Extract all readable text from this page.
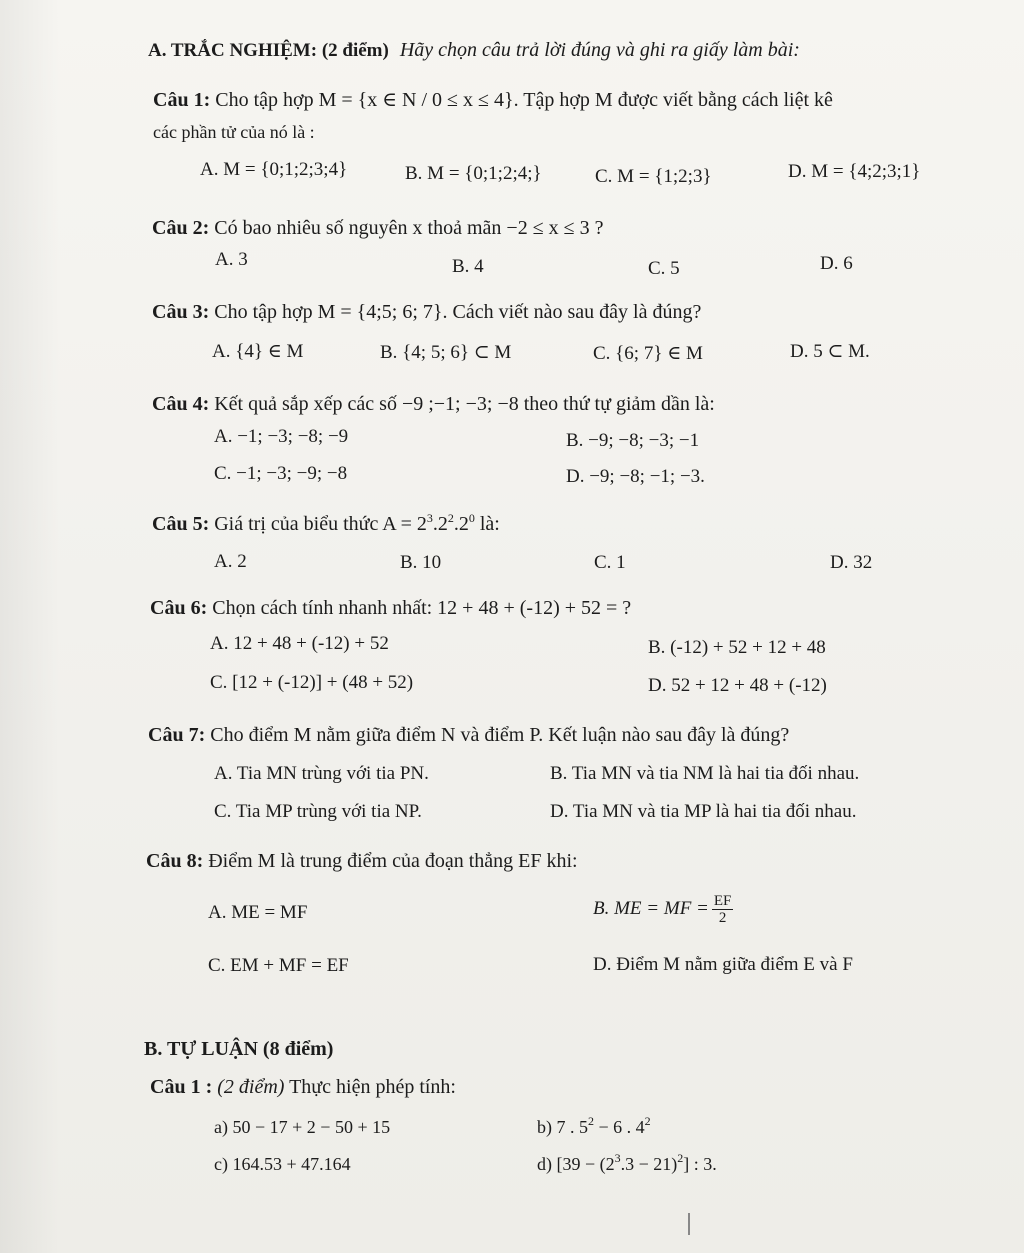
A. TRẮC NGHIỆM: (2 điểm) Hãy chọn câu trả lời đúng và ghi ra giấy làm bài:
Câu 1: Cho tập hợp M = {x ∈ N / 0 ≤ x ≤ 4}. Tập hợp M được viết bằng cách liệt kê
các phần tử của nó là :
A. M = {0;1;2;3;4}	B. M = {0;1;2;4;}	C. M = {1;2;3}	D. M = {4;2;3;1}
Câu 2: Có bao nhiêu số nguyên x thoả mãn −2 ≤ x ≤ 3 ?
A. 3	B. 4	C. 5	D. 6
Câu 3: Cho tập hợp M = {4;5; 6; 7}. Cách viết nào sau đây là đúng?
A. {4} ∈ M	B. {4; 5; 6} ⊂ M	C. {6; 7} ∈ M	D. 5 ⊂ M.
Câu 4: Kết quả sắp xếp các số −9 ;−1; −3; −8 theo thứ tự giảm dần là:
A. −1; −3; −8; −9	B. −9; −8; −3; −1
C. −1; −3; −9; −8	D. −9; −8; −1; −3.
Câu 5: Giá trị của biểu thức $A = 2^3.2^2.2^0$ là:
A. 2	B. 10	C. 1	D. 32
Câu 6: Chọn cách tính nhanh nhất: 12 + 48 + (-12) + 52 = ?
A. 12 + 48 + (-12) + 52	B. (-12) + 52 + 12 + 48
C. [12 + (-12)] + (48 + 52)	D. 52 + 12 + 48 + (-12)
Câu 7: Cho điểm M nằm giữa điểm N và điểm P. Kết luận nào sau đây là đúng?
A. Tia MN trùng với tia PN.	B. Tia MN và tia NM là hai tia đối nhau.
C. Tia MP trùng với tia NP.	D. Tia MN và tia MP là hai tia đối nhau.
Câu 8: Điểm M là trung điểm của đoạn thẳng EF khi:
A. ME = MF	B. ME = MF = $\frac{EF}{2}$
C. EM + MF = EF	D. Điểm M nằm giữa điểm E và F
B. TỰ LUẬN (8 điểm)
Câu 1 : (2 điểm) Thực hiện phép tính:
a) 50 − 17 + 2 − 50 + 15	b) 7 . $5^2 - 6$ . $4^2$
c) 164.53 + 47.164	d) $[39 - (2^3.3 - 21)^2]$ : 3.
